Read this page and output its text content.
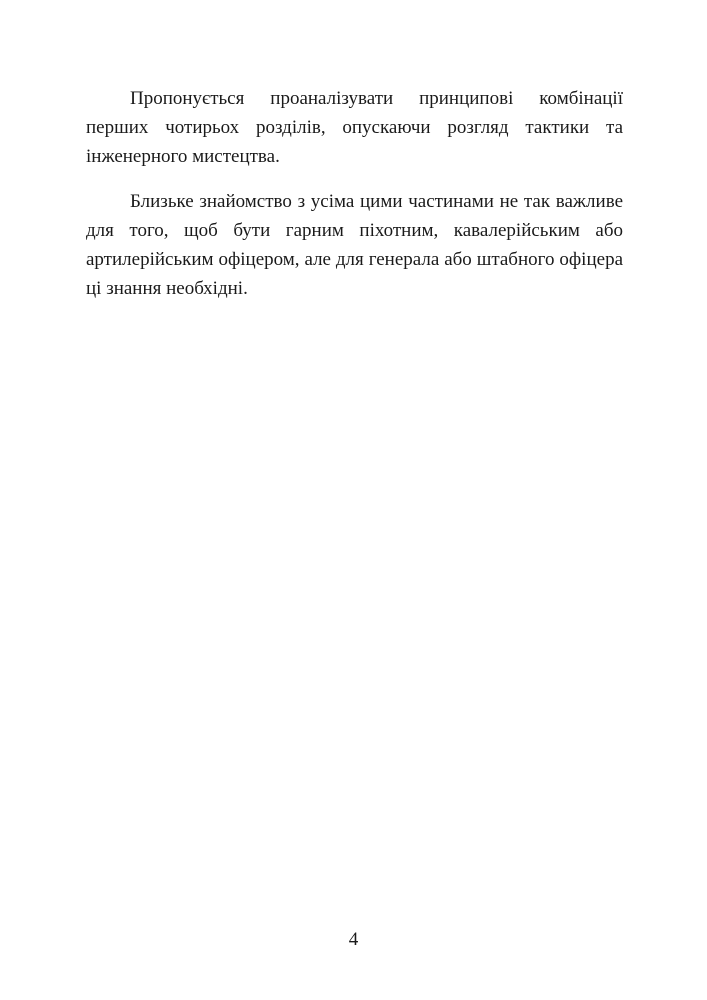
Пропонується проаналізувати принципові комбінації перших чотирьох розділів, опускаючи розгляд тактики та інженерного мистецтва.

Близьке знайомство з усіма цими частинами не так важливе для того, щоб бути гарним піхотним, кавалерійським або артилерійським офіцером, але для генерала або штабного офіцера ці знання необхідні.

4
